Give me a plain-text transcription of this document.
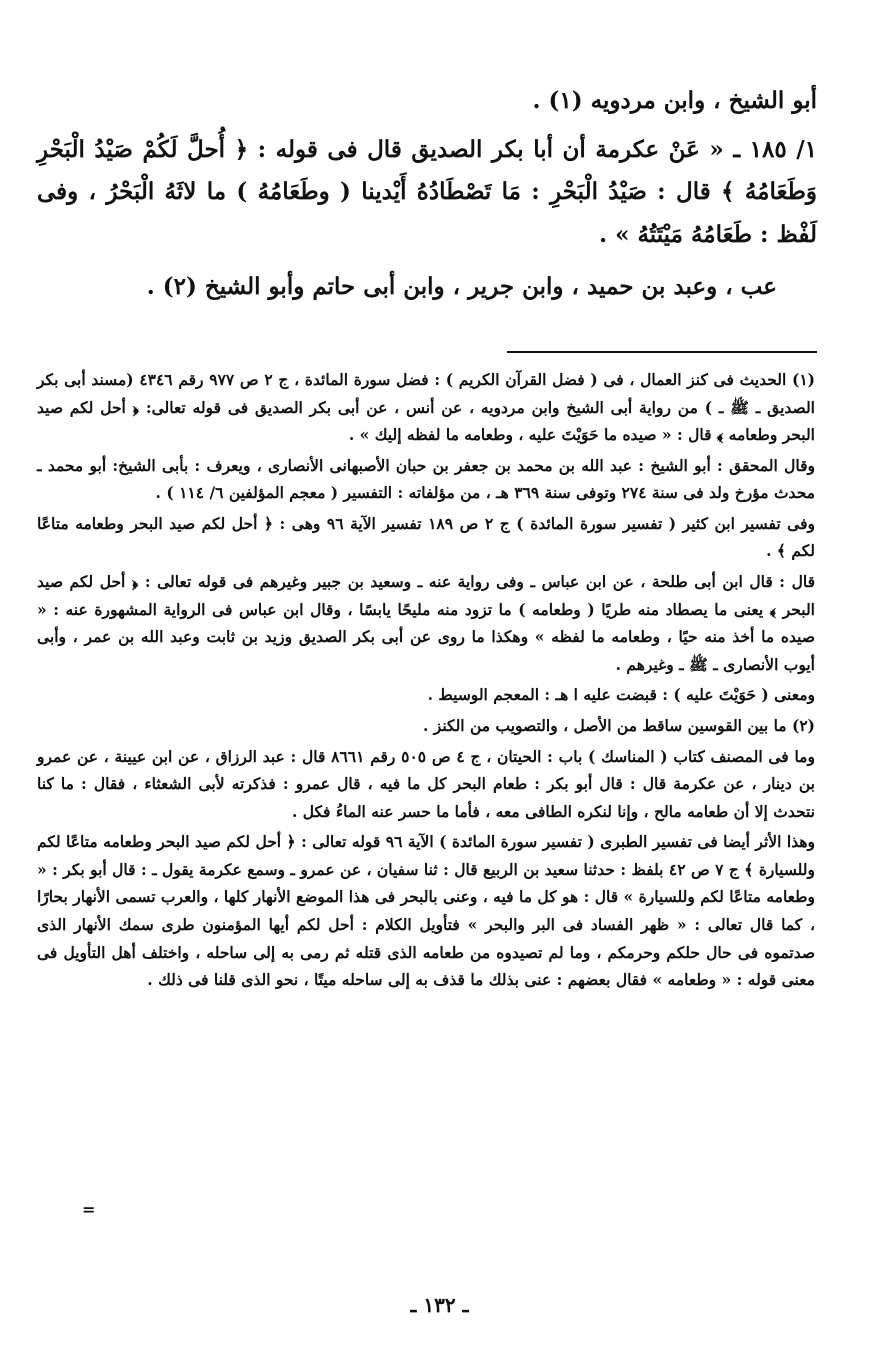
أبو الشيخ ، وابن مردويه (١) .

١/ ١٨٥ ـ « عَنْ عكرمة أن أبا بكر الصديق قال فى قوله : ﴿ أُحلَّ لَكُمْ صَيْدُ الْبَحْرِ وَطَعَامُهُ ﴾ قال : صَيْدُ الْبَحْرِ : مَا تَصْطَادُهُ أَيْدينا ( وطَعَامُهُ ) ما لاثَهُ الْبَحْرُ ، وفى لَفْظ : طَعَامُهُ مَيْتَتُهُ » .

عب ، وعبد بن حميد ، وابن جرير ، وابن أبى حاتم وأبو الشيخ (٢) .

(١) الحديث فى كنز العمال ، فى ( فضل القرآن الكريم ) : فضل سورة المائدة ، ج ٢ ص ٩٧٧ رقم ٤٣٤٦ (مسند أبى بكر الصديق ـ ﷺ ـ ) من رواية أبى الشيخ وابن مردويه ، عن أنس ، عن أبى بكر الصديق فى قوله تعالى: ﴿ أحل لكم صيد البحر وطعامه ﴾ قال : « صيده ما حَوَيْتَ عليه ، وطعامه ما لفظه إليك » .

وقال المحقق : أبو الشيخ : عبد الله بن محمد بن جعفر بن حبان الأصبهانى الأنصارى ، ويعرف : بأبى الشيخ: أبو محمد ـ محدث مؤرخ ولد فى سنة ٢٧٤ وتوفى سنة ٣٦٩ هـ ، من مؤلفاته : التفسير ( معجم المؤلفين ٦/ ١١٤ ) .

وفى تفسير ابن كثير ( تفسير سورة المائدة ) ج ٢ ص ١٨٩ تفسير الآية ٩٦ وهى : ﴿ أحل لكم صيد البحر وطعامه متاعًا لكم ﴾ .

قال : قال ابن أبى طلحة ، عن ابن عباس ـ وفى رواية عنه ـ وسعيد بن جبير وغيرهم فى قوله تعالى : ﴿ أحل لكم صيد البحر ﴾ يعنى ما يصطاد منه طريًا ( وطعامه ) ما تزود منه مليحًا يابسًا ، وقال ابن عباس فى الرواية المشهورة عنه : « صيده ما أخذ منه حيًا ، وطعامه ما لفظه » وهكذا ما روى عن أبى بكر الصديق وزيد بن ثابت وعبد الله بن عمر ، وأبى أيوب الأنصارى ـ ﷺ ـ وغيرهم .

ومعنى ( حَوَيْتَ عليه ) : قبضت عليه ا هـ : المعجم الوسيط .

(٢) ما بين القوسين ساقط من الأصل ، والتصويب من الكنز .

وما فى المصنف كتاب ( المناسك ) باب : الحيتان ، ج ٤ ص ٥٠٥ رقم ٨٦٦١ قال : عبد الرزاق ، عن ابن عيينة ، عن عمرو بن دينار ، عن عكرمة قال : قال أبو بكر : طعام البحر كل ما فيه ، قال عمرو : فذكرته لأبى الشعثاء ، فقال : ما كنا نتحدث إلا أن طعامه مالح ، وإنا لنكره الطافى معه ، فأما ما حسر عنه الماءُ فكل .

وهذا الأثر أيضا فى تفسير الطبرى ( تفسير سورة المائدة ) الآية ٩٦ قوله تعالى : ﴿ أحل لكم صيد البحر وطعامه متاعًا لكم وللسيارة ﴾ ج ٧ ص ٤٢ بلفظ : حدثنا سعيد بن الربيع قال : ثنا سفيان ، عن عمرو ـ وسمع عكرمة يقول ـ : قال أبو بكر : « وطعامه متاعًا لكم وللسيارة » قال : هو كل ما فيه ، وعنى بالبحر فى هذا الموضع الأنهار كلها ، والعرب تسمى الأنهار بحارًا ، كما قال تعالى : « ظهر الفساد فى البر والبحر » فتأويل الكلام : أحل لكم أيها المؤمنون طرى سمك الأنهار الذى صدتموه فى حال حلكم وحرمكم ، وما لم تصيدوه من طعامه الذى قتله ثم رمى به إلى ساحله ، واختلف أهل التأويل فى معنى قوله : « وطعامه » فقال بعضهم : عنى بذلك ما قذف به إلى ساحله ميتًا ، نحو الذى قلنا فى ذلك .

=
ـ ١٣٢ ـ
